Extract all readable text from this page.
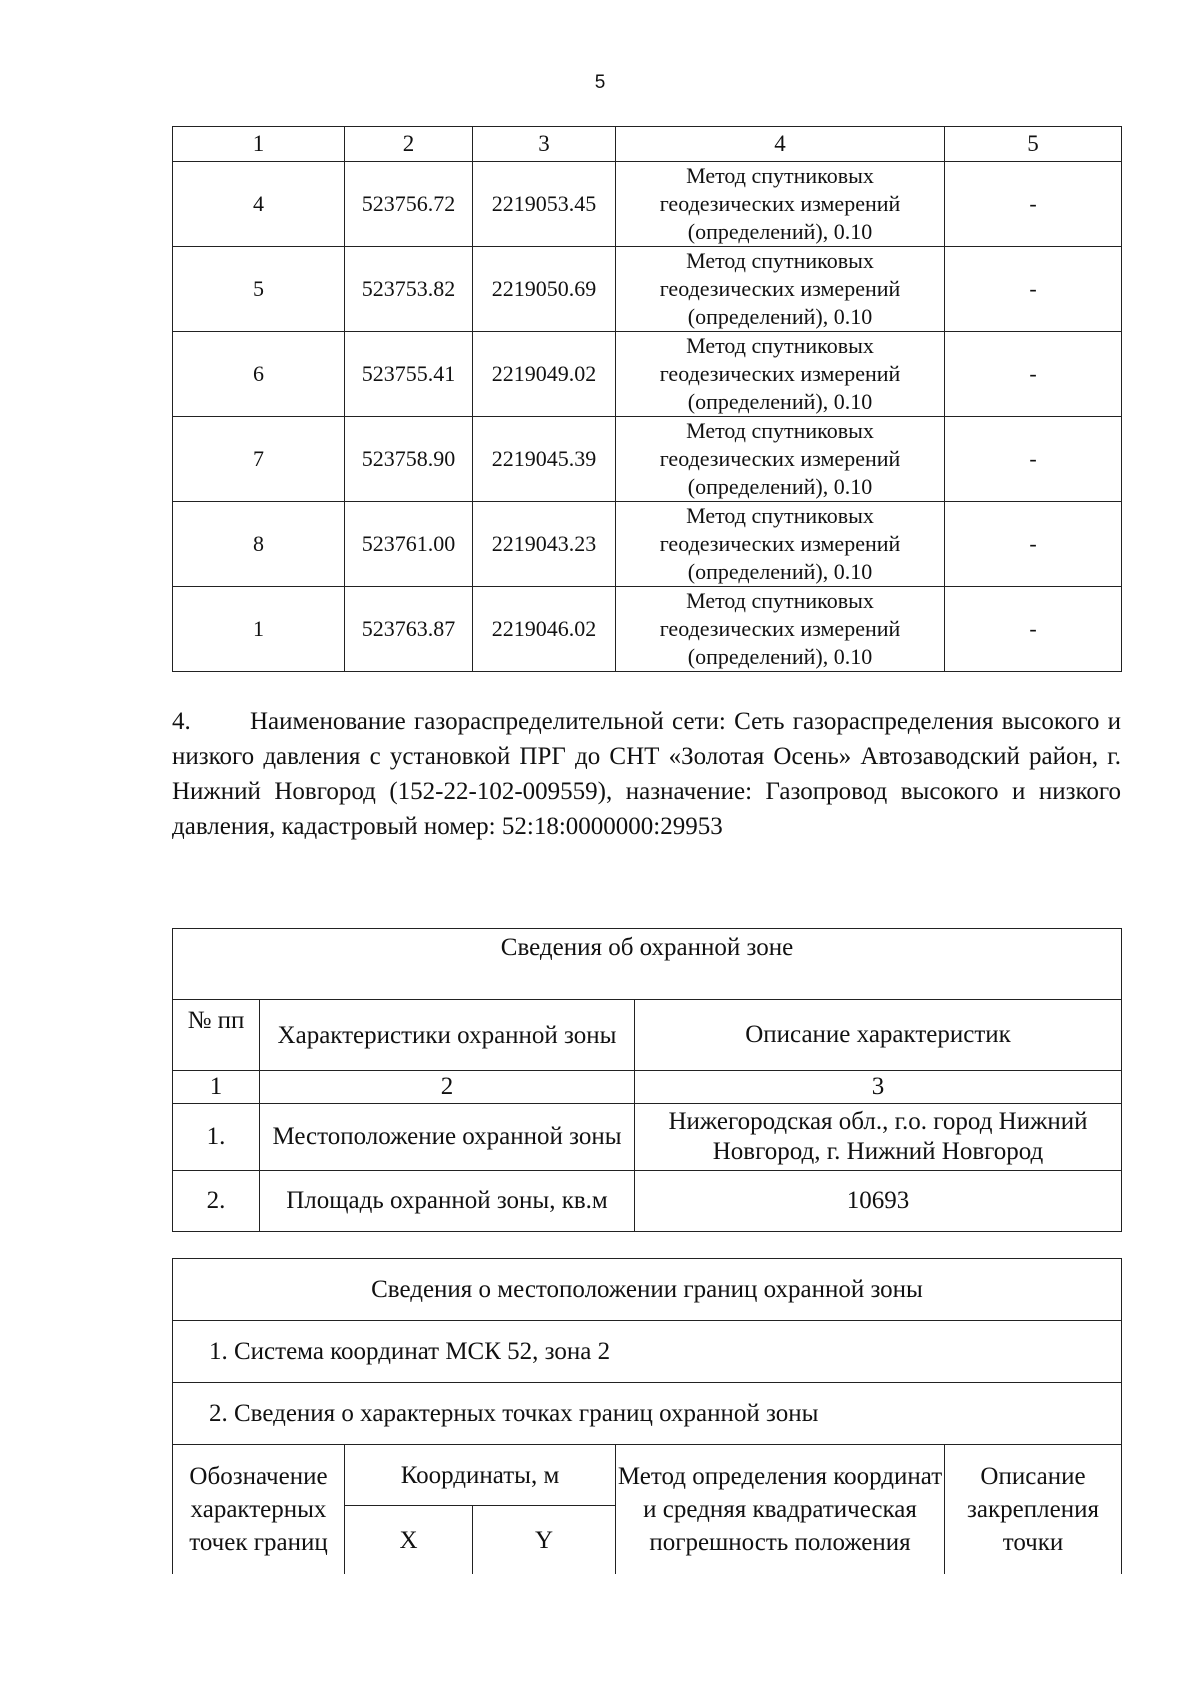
5
1	2	3	4	5
4	523756.72	2219053.45	Метод спутниковых
геодезических измерений
(определений), 0.10	-
5	523753.82	2219050.69	Метод спутниковых
геодезических измерений
(определений), 0.10	-
6	523755.41	2219049.02	Метод спутниковых
геодезических измерений
(определений), 0.10	-
7	523758.90	2219045.39	Метод спутниковых
геодезических измерений
(определений), 0.10	-
8	523761.00	2219043.23	Метод спутниковых
геодезических измерений
(определений), 0.10	-
1	523763.87	2219046.02	Метод спутниковых
геодезических измерений
(определений), 0.10	-

4. Наименование газораспределительной сети: Сеть газораспределения высокого и низкого давления с установкой ПРГ до СНТ «Золотая Осень» Автозаводский район, г. Нижний Новгород (152-22-102-009559), назначение: Газопровод высокого и низкого давления, кадастровый номер: 52:18:0000000:29953

Сведения об охранной зоне		
№ пп	Характеристики охранной зоны	Описание характеристик
1	2	3
1.	Местоположение охранной зоны	Нижегородская обл., г.о. город Нижний Новгород, г. Нижний Новгород
2.	Площадь охранной зоны, кв.м	10693
Сведения о местоположении границ охранной зоны				
1. Система координат МСК 52, зона 2				
2. Сведения о характерных точках границ охранной зоны				
Обозначение характерных точек границ	Координаты, м		Метод определения координат и средняя квадратическая погрешность положения	Описание закрепления точки
	X	Y		
